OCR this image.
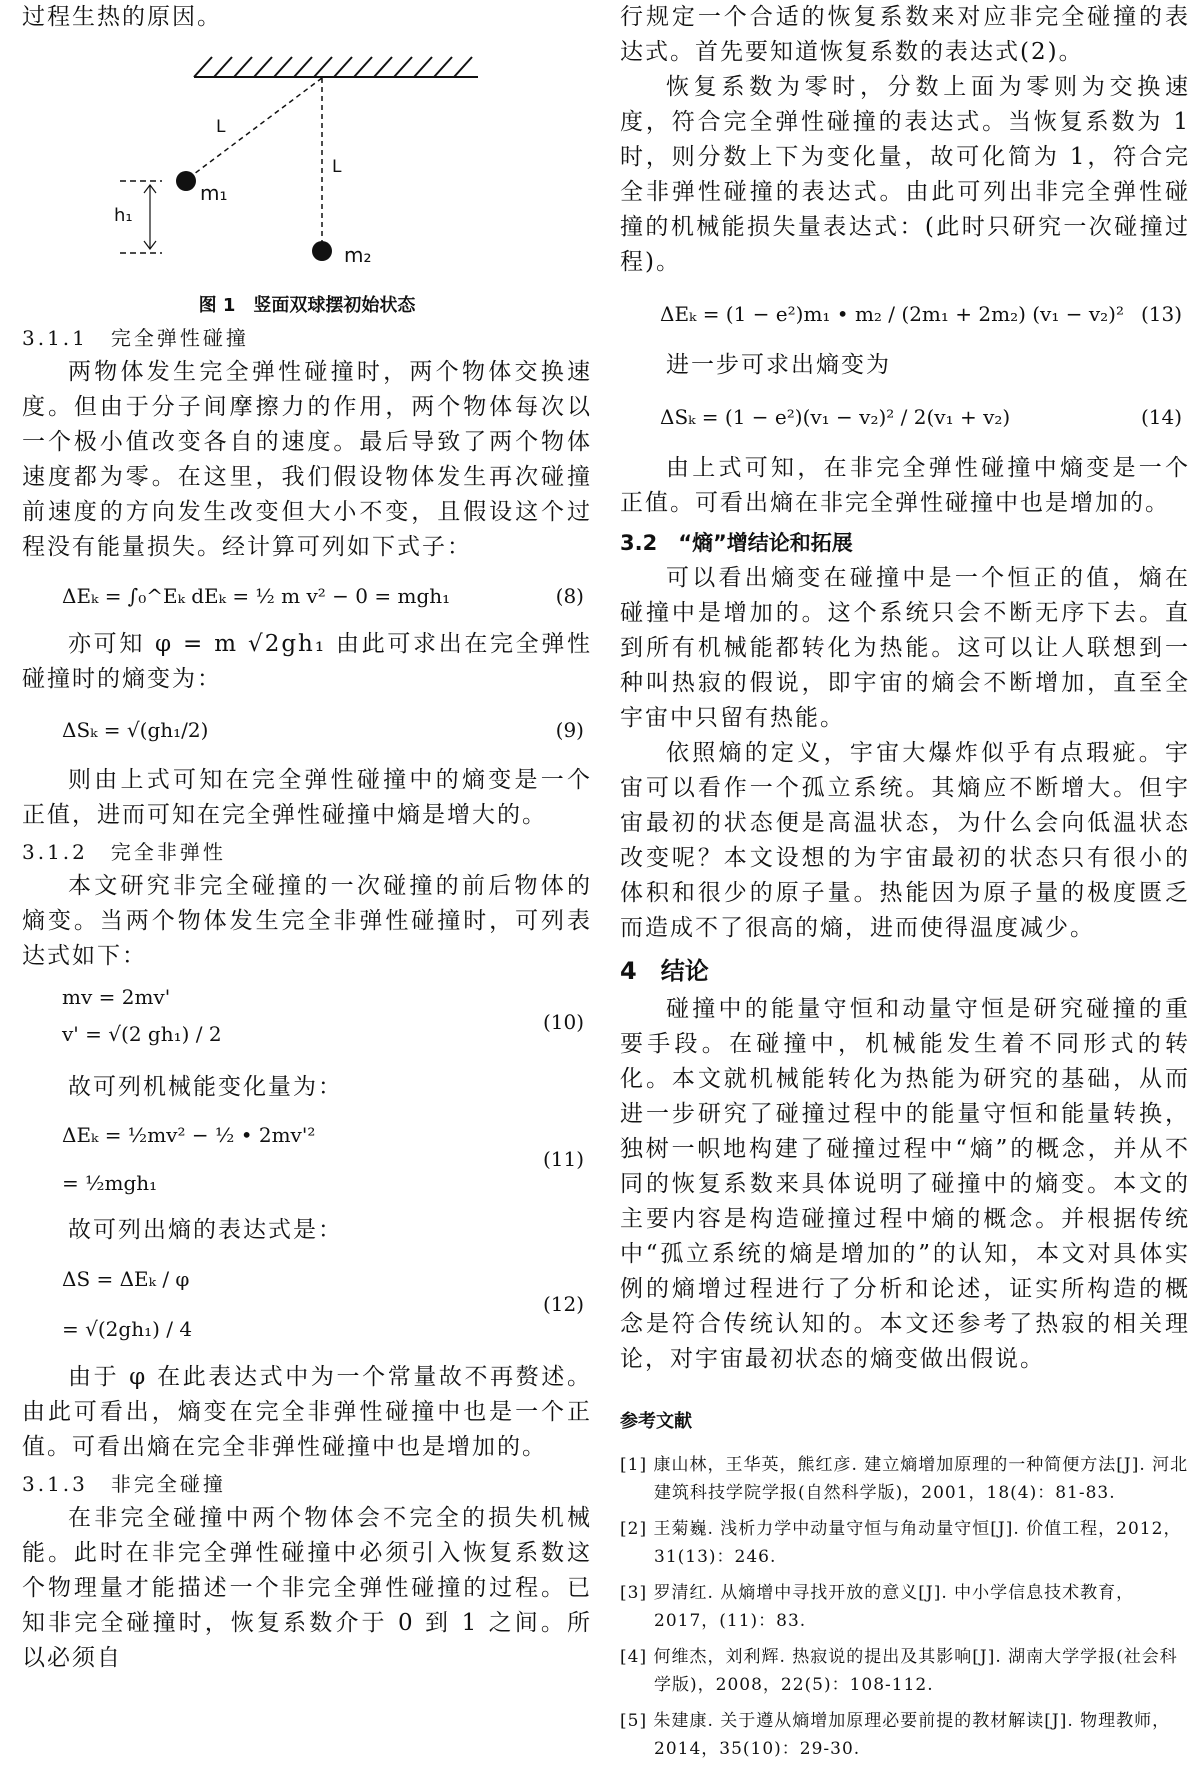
过程生热的原因。

L
L
m₁
m₂
h₁
图 1　竖面双球摆初始状态
3.1.1　完全弹性碰撞

两物体发生完全弹性碰撞时，两个物体交换速度。但由于分子间摩擦力的作用，两个物体每次以一个极小值改变各自的速度。最后导致了两个物体速度都为零。在这里，我们假设物体发生再次碰撞前速度的方向发生改变但大小不变，且假设这个过程没有能量损失。经计算可列如下式子：

ΔEₖ = ∫₀^Eₖ dEₖ = ½ m v² − 0 = mgh₁	(8)

亦可知 φ = m √2gh₁ 由此可求出在完全弹性碰撞时的熵变为：

ΔSₖ = √(gh₁/2)	(9)

则由上式可知在完全弹性碰撞中的熵变是一个正值，进而可知在完全弹性碰撞中熵是增大的。

3.1.2　完全非弹性

本文研究非完全碰撞的一次碰撞的前后物体的熵变。当两个物体发生完全非弹性碰撞时，可列表达式如下：

mv = 2mv'
v' = √(2 gh₁) / 2	(10)

故可列机械能变化量为：

ΔEₖ = ½mv² − ½ • 2mv'²
= ½mgh₁
(11)

故可列出熵的表达式是：

ΔS = ΔEₖ / φ
= √(2gh₁) / 4
(12)

由于 φ 在此表达式中为一个常量故不再赘述。由此可看出，熵变在完全非弹性碰撞中也是一个正值。可看出熵在完全非弹性碰撞中也是增加的。

3.1.3　非完全碰撞

在非完全碰撞中两个物体会不完全的损失机械能。此时在非完全弹性碰撞中必须引入恢复系数这个物理量才能描述一个非完全弹性碰撞的过程。已知非完全碰撞时，恢复系数介于 0 到 1 之间。所以必须自

行规定一个合适的恢复系数来对应非完全碰撞的表达式。首先要知道恢复系数的表达式(2)。

恢复系数为零时，分数上面为零则为交换速度，符合完全弹性碰撞的表达式。当恢复系数为 1 时，则分数上下为变化量，故可化简为 1，符合完全非弹性碰撞的表达式。由此可列出非完全弹性碰撞的机械能损失量表达式：(此时只研究一次碰撞过程)。

ΔEₖ = (1 − e²)m₁ • m₂ / (2m₁ + 2m₂) (v₁ − v₂)² (13)

进一步可求出熵变为

ΔSₖ = (1 − e²)(v₁ − v₂)² / 2(v₁ + v₂)	(14)

由上式可知，在非完全弹性碰撞中熵变是一个正值。可看出熵在非完全弹性碰撞中也是增加的。

3.2　“熵”增结论和拓展

可以看出熵变在碰撞中是一个恒正的值，熵在碰撞中是增加的。这个系统只会不断无序下去。直到所有机械能都转化为热能。这可以让人联想到一种叫热寂的假说，即宇宙的熵会不断增加，直至全宇宙中只留有热能。

依照熵的定义，宇宙大爆炸似乎有点瑕疵。宇宙可以看作一个孤立系统。其熵应不断增大。但宇宙最初的状态便是高温状态，为什么会向低温状态改变呢？本文设想的为宇宙最初的状态只有很小的体积和很少的原子量。热能因为原子量的极度匮乏而造成不了很高的熵，进而使得温度减少。

4　结论

碰撞中的能量守恒和动量守恒是研究碰撞的重要手段。在碰撞中，机械能发生着不同形式的转化。本文就机械能转化为热能为研究的基础，从而进一步研究了碰撞过程中的能量守恒和能量转换，独树一帜地构建了碰撞过程中“熵”的概念，并从不同的恢复系数来具体说明了碰撞中的熵变。本文的主要内容是构造碰撞过程中熵的概念。并根据传统中“孤立系统的熵是增加的”的认知，本文对具体实例的熵增过程进行了分析和论述，证实所构造的概念是符合传统认知的。本文还参考了热寂的相关理论，对宇宙最初状态的熵变做出假说。

参考文献

[1] 康山林，王华英，熊红彦. 建立熵增加原理的一种简便方法[J]. 河北建筑科技学院学报(自然科学版)，2001，18(4)：81-83.

[2] 王菊巍. 浅析力学中动量守恒与角动量守恒[J]. 价值工程，2012，31(13)：246.

[3] 罗清红. 从熵增中寻找开放的意义[J]. 中小学信息技术教育，2017，(11)：83.

[4] 何维杰，刘利辉. 热寂说的提出及其影响[J]. 湖南大学学报(社会科学版)，2008，22(5)：108-112.

[5] 朱建康. 关于遵从熵增加原理必要前提的教材解读[J]. 物理教师，2014，35(10)：29-30.
